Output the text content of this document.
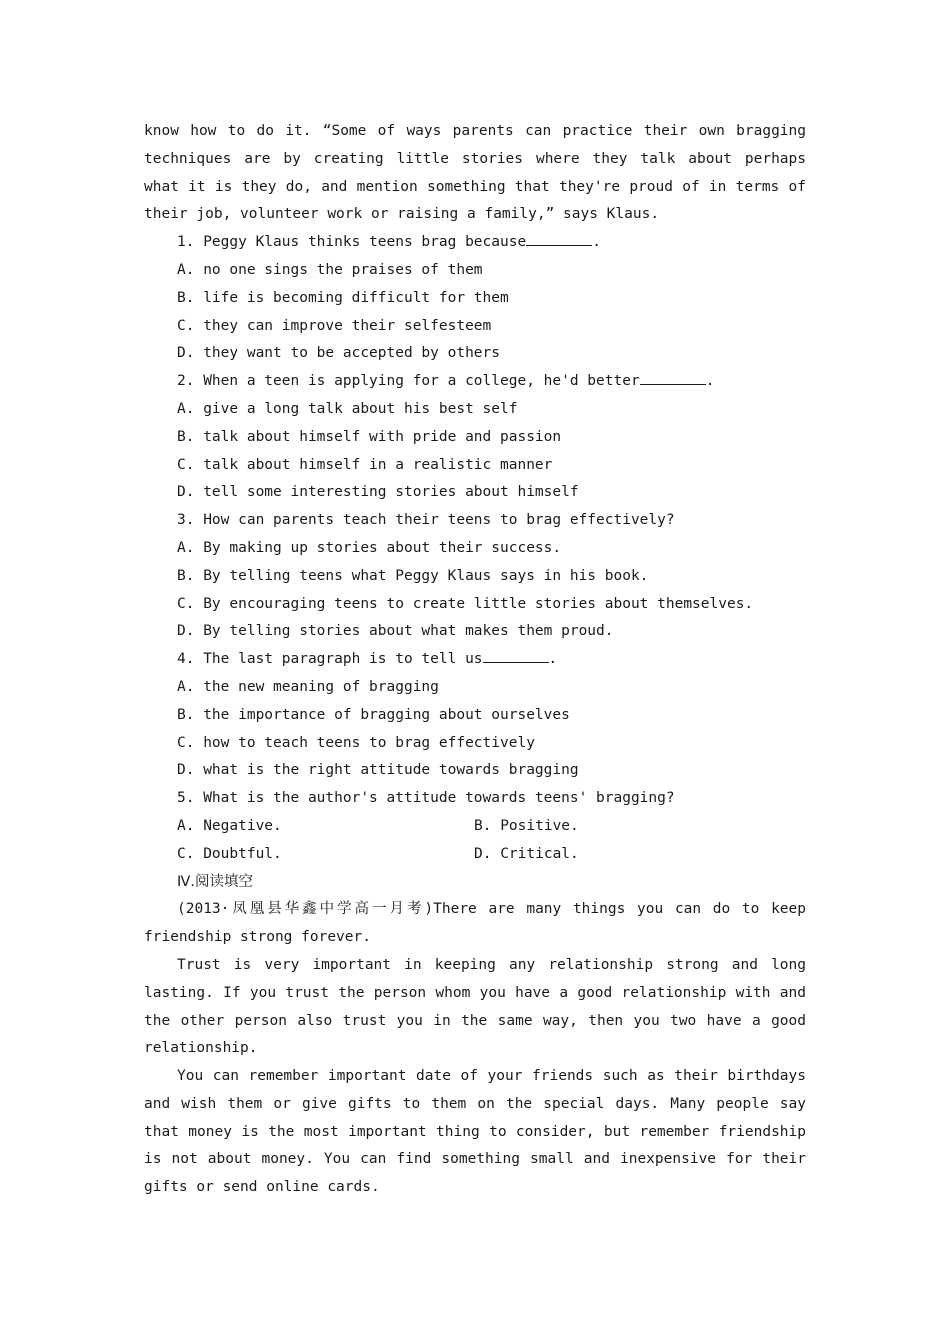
know how to do it. “Some of ways parents can practice their own bragging techniques are by creating little stories where they talk about perhaps what it is they do, and mention something that they're proud of in terms of their job, volunteer work or raising a family,” says Klaus.

1. Peggy Klaus thinks teens brag because	.

A. no one sings the praises of them

B. life is becoming difficult for them

C. they can improve their selfesteem

D. they want to be accepted by others

2. When a teen is applying for a college, he'd better	.

A. give a long talk about his best self

B. talk about himself with pride and passion

C. talk about himself in a realistic manner

D. tell some interesting stories about himself

3. How can parents teach their teens to brag effectively?

A. By making up stories about their success.

B. By telling teens what Peggy Klaus says in his book.

C. By encouraging teens to create little stories about themselves.

D. By telling stories about what makes them proud.

4. The last paragraph is to tell us	.

A. the new meaning of bragging

B. the importance of bragging about ourselves

C. how to teach teens to brag effectively

D. what is the right attitude towards bragging

5. What is the author's attitude towards teens' bragging?

A. Negative.	B. Positive.
C. Doubtful.	D. Critical.

Ⅳ.阅读填空

(2013·凤凰县华鑫中学高一月考)There are many things you can do to keep friendship strong forever.

Trust is very important in keeping any relationship strong and long lasting. If you trust the person whom you have a good relationship with and the other person also trust you in the same way, then you two have a good relationship.

You can remember important date of your friends such as their birthdays and wish them or give gifts to them on the special days. Many people say that money is the most important thing to consider, but remember friendship is not about money. You can find something small and inexpensive for their gifts or send online cards.
